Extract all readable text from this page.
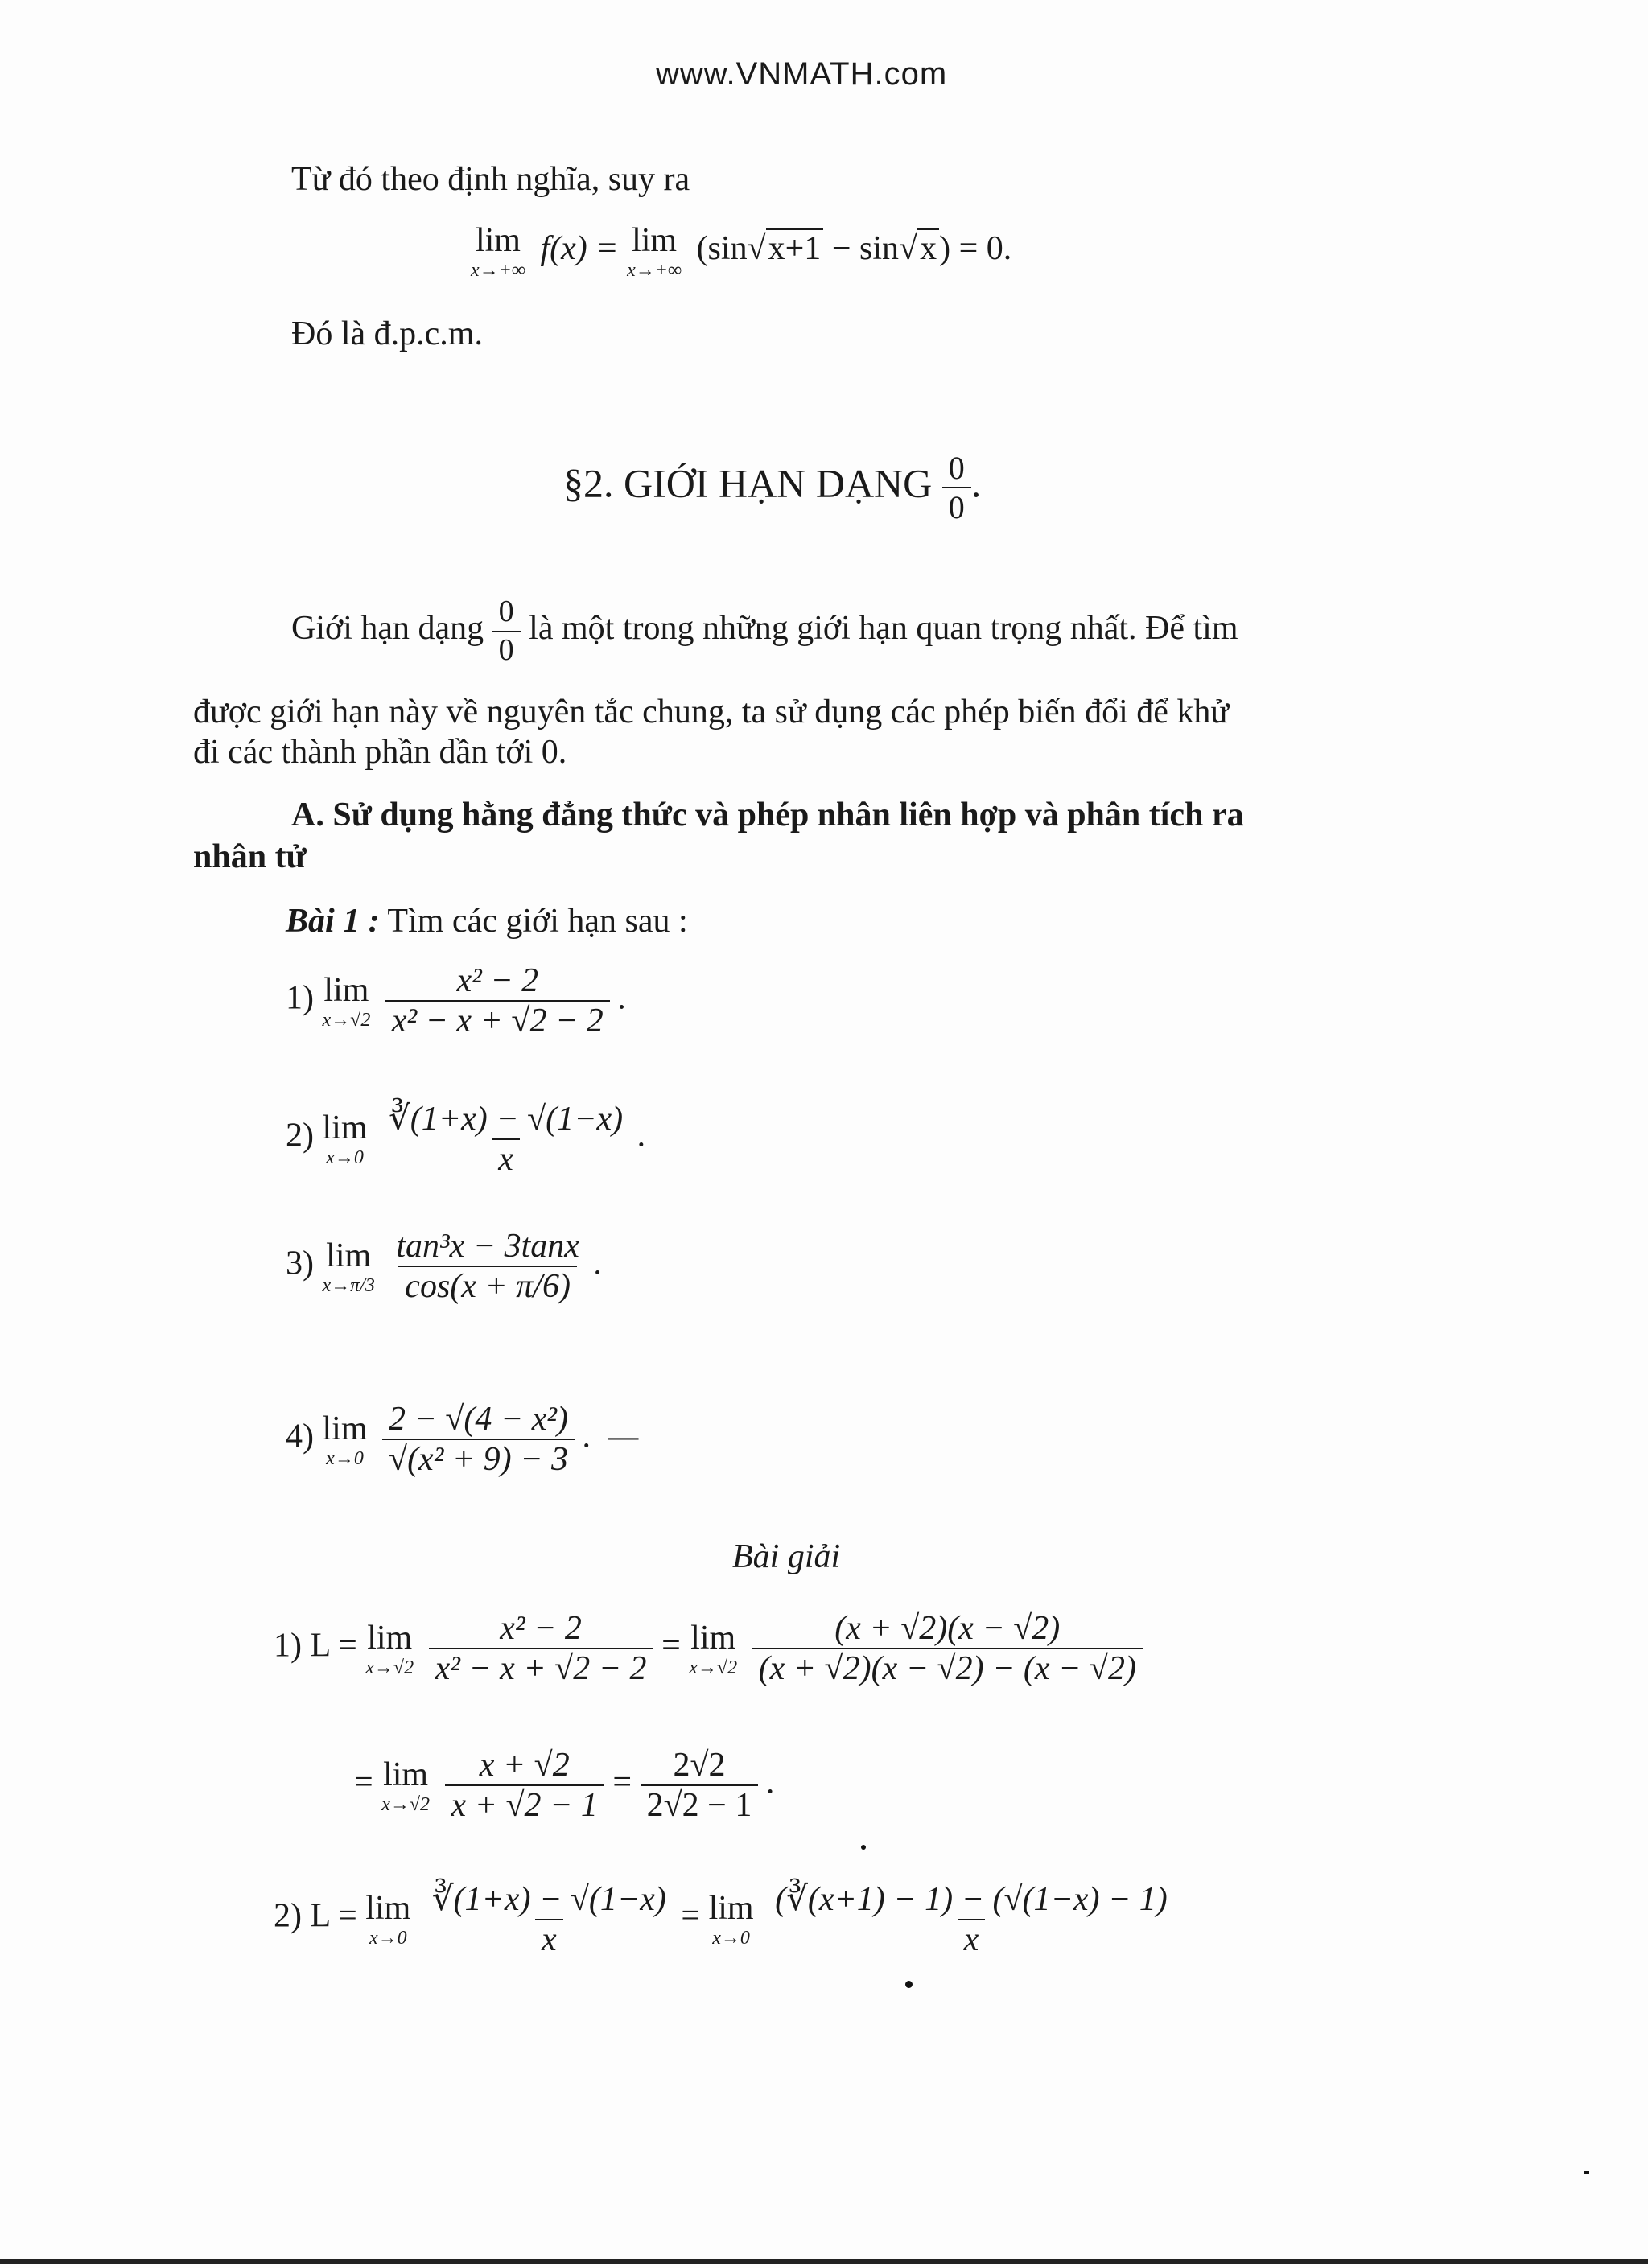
www.VNMATH.com
Từ đó theo định nghĩa, suy ra
lim
x→+∞
f(x) = lim
x→+∞
(sin√x+1 − sin√x) = 0.
Đó là đ.p.c.m.
§2. GIỚI HẠN DẠNG $\frac{0}{0}$ .
Giới hạn dạng $\frac{0}{0}$ là một trong những giới hạn quan trọng nhất. Để tìm
được giới hạn này về nguyên tắc chung, ta sử dụng các phép biến đổi để khử
đi các thành phần dần tới 0.
A. Sử dụng hằng đẳng thức và phép nhân liên hợp và phân tích ra
nhân tử
Bài 1 : Tìm các giới hạn sau :
1) lim
x→√2
$\frac{\text{x² − 2}}{\text{x² − x + √2 − 2}}$ .
2) lim
x→0
$\frac{∛(1+x) - √(1-x)}{x}$ .
3) lim
x→π/3
$\frac{\text{tan³x − 3tanx}}{\cos(x + \pi/6)}$ .
4) lim
x→0
$\frac{\text{2 − √(4 − x²)}}{\text{√(x² + 9) − 3}}$ .  —
Bài giải
1) L = lim
x→√2
$\frac{\text{x² − 2}}{\text{x² − x + √2 − 2}} = \lim$
x→√2
$\frac{(x + √2)(x - √2)}{(x + √2)(x - √2) - (x - √2)}$
= lim
x→√2
$\frac{x + √2}{x + √2 - 1} = \frac{2√2}{2√2 - 1}$ .
2) L = lim
x→0
$\frac{∛(1+x) - √(1-x)}{x} = \lim$
x→0
$\frac{(∛(x+1) - 1) - (√(1-x) - 1)}{x}$
